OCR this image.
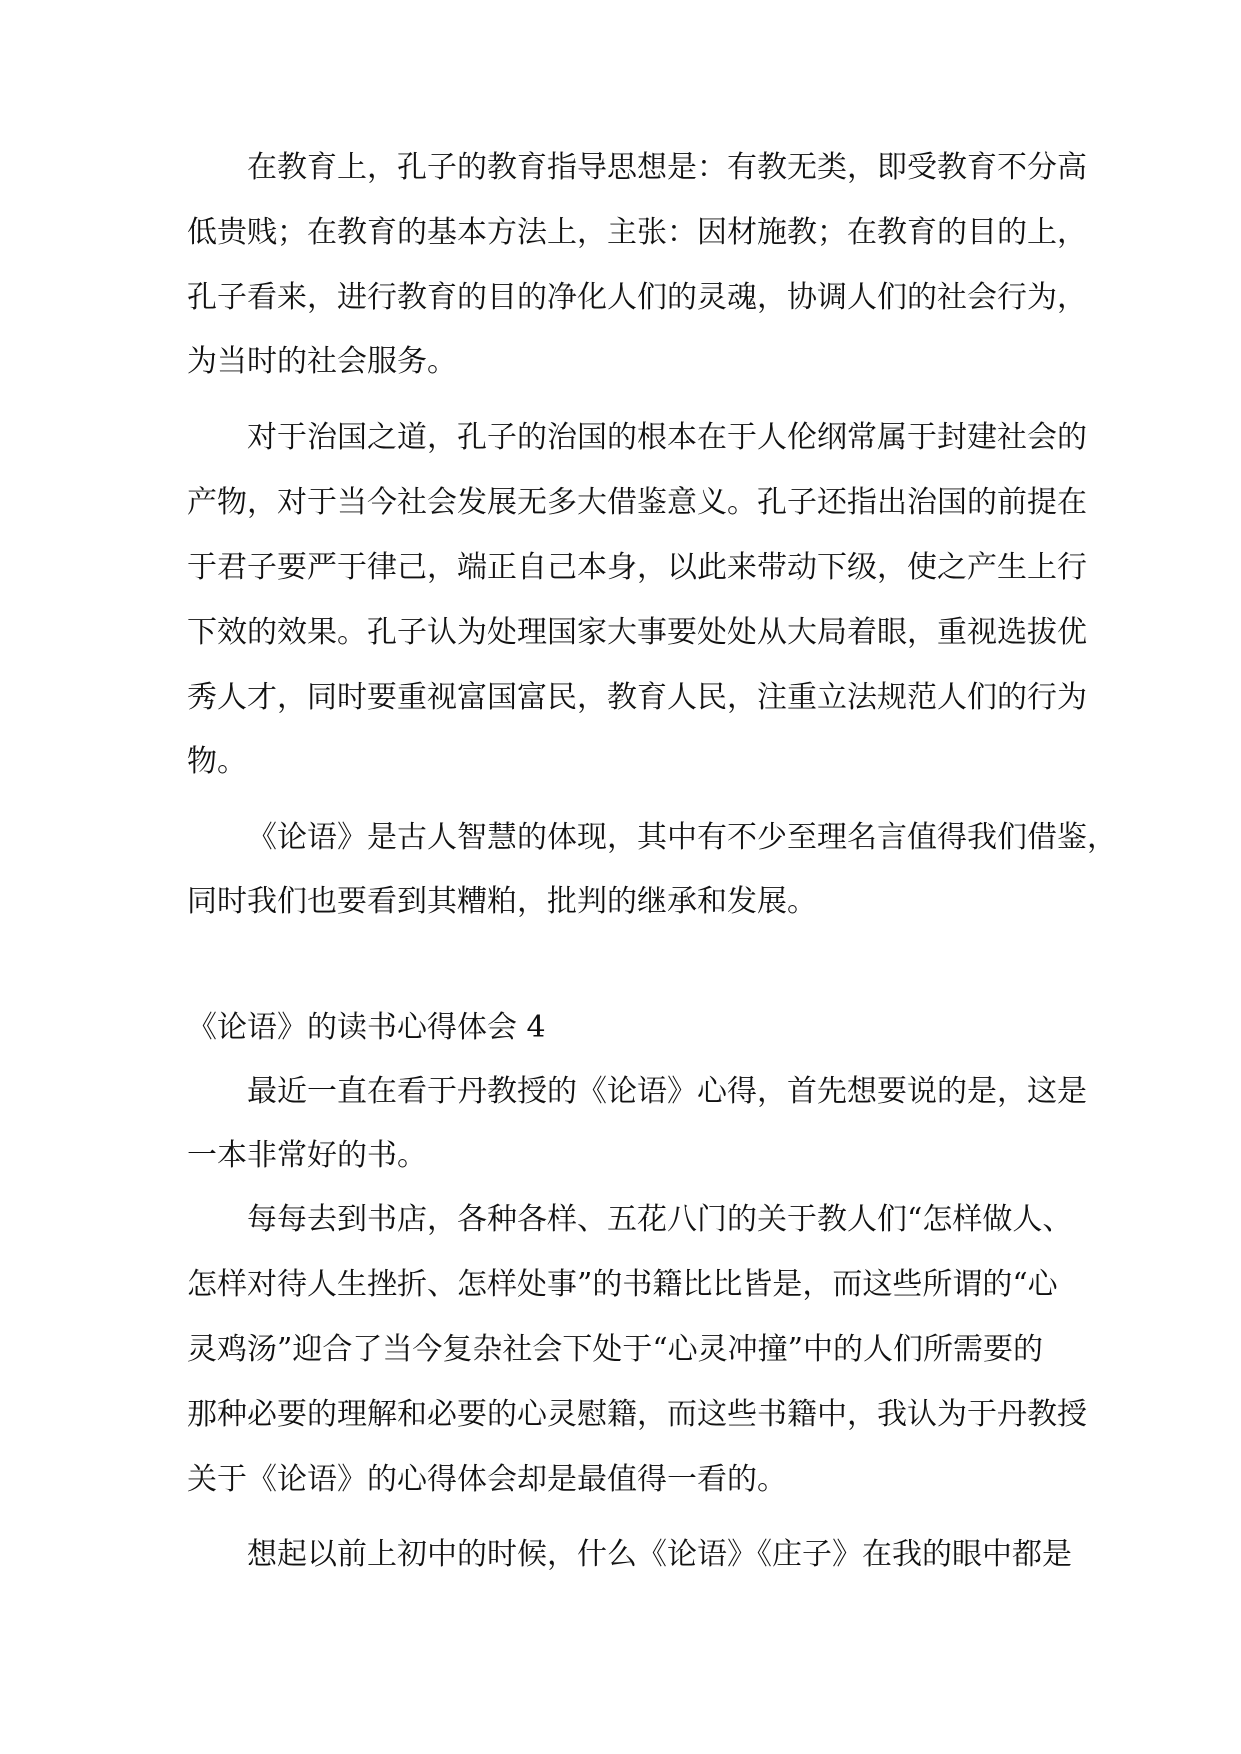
在教育上，孔子的教育指导思想是：有教无类，即受教育不分高
低贵贱；在教育的基本方法上，主张：因材施教；在教育的目的上，
孔子看来，进行教育的目的净化人们的灵魂，协调人们的社会行为，
为当时的社会服务。
对于治国之道，孔子的治国的根本在于人伦纲常属于封建社会的
产物，对于当今社会发展无多大借鉴意义。孔子还指出治国的前提在
于君子要严于律己，端正自己本身，以此来带动下级，使之产生上行
下效的效果。孔子认为处理国家大事要处处从大局着眼，重视选拔优
秀人才，同时要重视富国富民，教育人民，注重立法规范人们的行为
物。
《论语》是古人智慧的体现，其中有不少至理名言值得我们借鉴，
同时我们也要看到其糟粕，批判的继承和发展。
《论语》的读书心得体会 4
最近一直在看于丹教授的《论语》心得，首先想要说的是，这是
一本非常好的书。
每每去到书店，各种各样、五花八门的关于教人们“怎样做人、
怎样对待人生挫折、怎样处事”的书籍比比皆是，而这些所谓的“心
灵鸡汤”迎合了当今复杂社会下处于“心灵冲撞”中的人们所需要的
那种必要的理解和必要的心灵慰籍，而这些书籍中，我认为于丹教授
关于《论语》的心得体会却是最值得一看的。
想起以前上初中的时候，什么《论语》《庄子》在我的眼中都是
